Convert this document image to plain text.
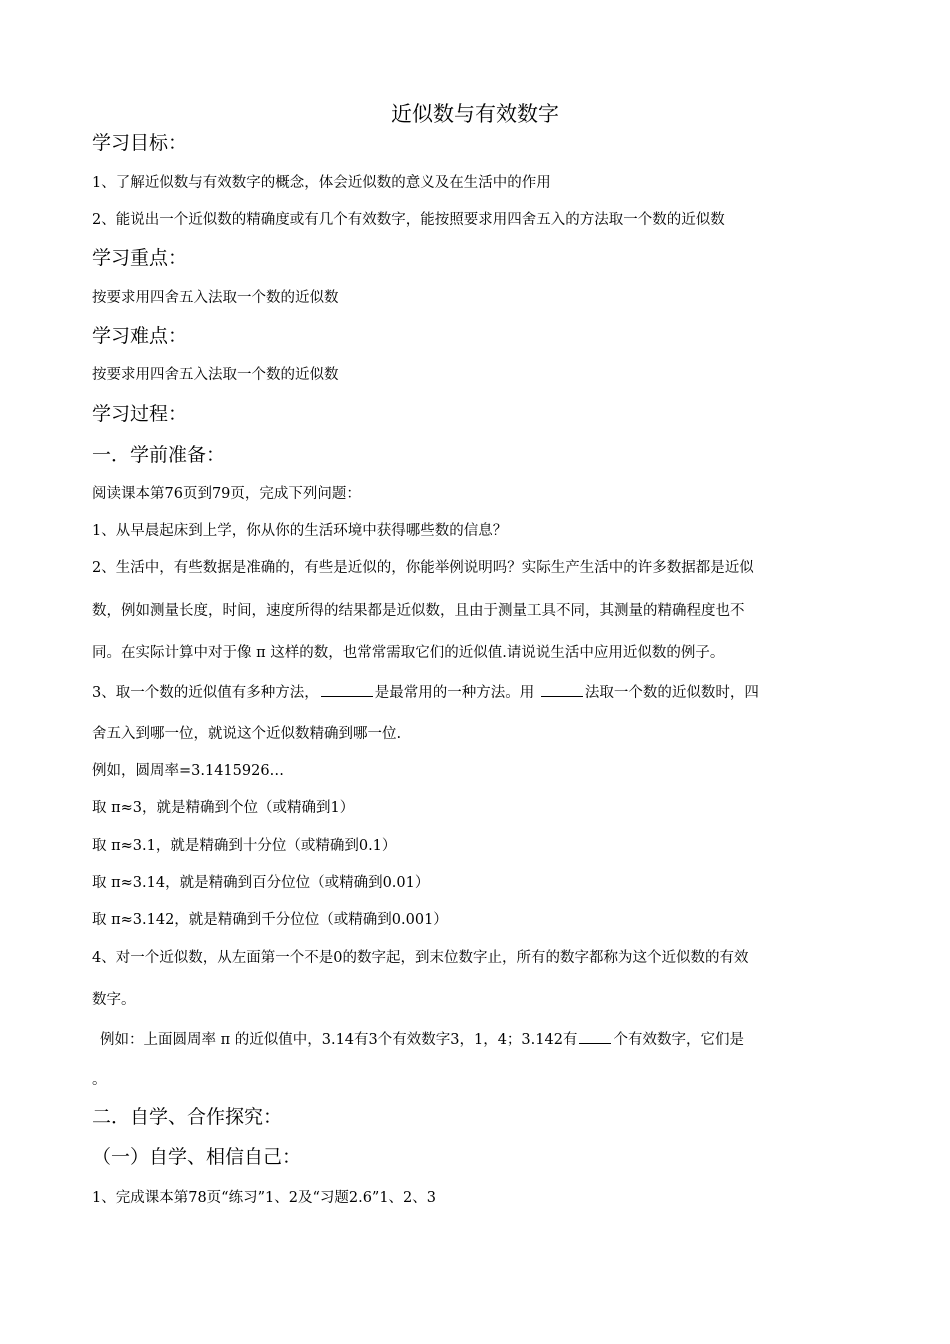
近似数与有效数字
学习目标：
1、了解近似数与有效数字的概念，体会近似数的意义及在生活中的作用
2、能说出一个近似数的精确度或有几个有效数字，能按照要求用四舍五入的方法取一个数的近似数
学习重点：
按要求用四舍五入法取一个数的近似数
学习难点：
按要求用四舍五入法取一个数的近似数
学习过程：
一．学前准备：
阅读课本第76页到79页，完成下列问题：
1、从早晨起床到上学，你从你的生活环境中获得哪些数的信息？
2、生活中，有些数据是准确的，有些是近似的，你能举例说明吗？实际生产生活中的许多数据都是近似
数，例如测量长度，时间，速度所得的结果都是近似数，且由于测量工具不同，其测量的精确程度也不
同。在实际计算中对于像 π 这样的数，也常常需取它们的近似值.请说说生活中应用近似数的例子。
3、取一个数的近似值有多种方法，	是最常用的一种方法。用	法取一个数的近似数时，四
舍五入到哪一位，就说这个近似数精确到哪一位.
例如，圆周率=3.1415926…
取 π≈3，就是精确到个位（或精确到1）
取 π≈3.1，就是精确到十分位（或精确到0.1）
取 π≈3.14，就是精确到百分位位（或精确到0.01）
取 π≈3.142，就是精确到千分位位（或精确到0.001）
4、对一个近似数，从左面第一个不是0的数字起，到末位数字止，所有的数字都称为这个近似数的有效
数字。
例如：上面圆周率 π 的近似值中，3.14有3个有效数字3，1，4；3.142有 个有效数字，它们是
。
二．自学、合作探究：
（一）自学、相信自己：
1、完成课本第78页“练习”1、2及“习题2.6”1、2、3
